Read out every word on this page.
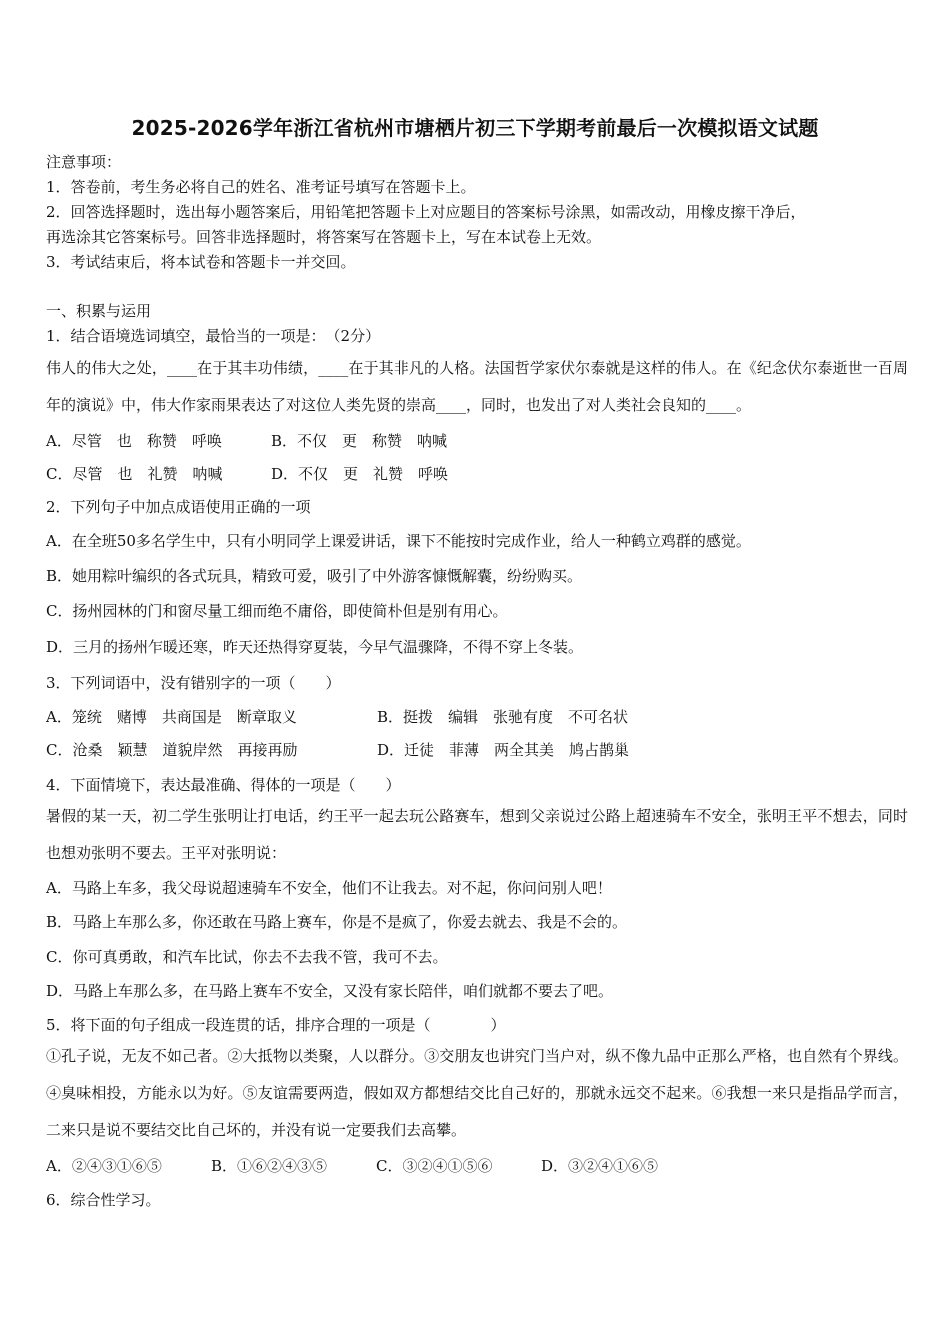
2025-2026学年浙江省杭州市塘栖片初三下学期考前最后一次模拟语文试题

注意事项：

1．答卷前，考生务必将自己的姓名、准考证号填写在答题卡上。

2．回答选择题时，选出每小题答案后，用铅笔把答题卡上对应题目的答案标号涂黑，如需改动，用橡皮擦干净后，

再选涂其它答案标号。回答非选择题时，将答案写在答题卡上，写在本试卷上无效。

3．考试结束后，将本试卷和答题卡一并交回。

一、积累与运用
1．结合语境选词填空，最恰当的一项是：　（2分）
伟人的伟大之处，____在于其丰功伟绩，____在于其非凡的人格。法国哲学家伏尔泰就是这样的伟人。在《纪念伏尔泰逝世一百周年的演说》中，伟大作家雨果表达了对这位人类先贤的崇高____，同时，也发出了对人类社会良知的____。
A．尽管　也　称赞　呼唤	B．不仅　更　称赞　呐喊
C．尽管　也　礼赞　呐喊	D．不仅　更　礼赞　呼唤
2．下列句子中加点成语使用正确的一项
A．在全班50多名学生中，只有小明同学上课爱讲话，课下不能按时完成作业，给人一种鹤立鸡群的感觉。
B．她用粽叶编织的各式玩具，精致可爱，吸引了中外游客慷慨解囊，纷纷购买。
C．扬州园林的门和窗尽量工细而绝不庸俗，即使简朴但是别有用心。
D．三月的扬州乍暖还寒，昨天还热得穿夏装，今早气温骤降，不得不穿上冬装。
3．下列词语中，没有错别字的一项（　　）
A．笼统　赌博　共商国是　断章取义	B．挺拨　编辑　张驰有度　不可名状
C．沧桑　颖慧　道貌岸然　再接再励	D．迁徒　菲薄　两全其美　鸠占鹊巢
4．下面情境下，表达最准确、得体的一项是（　　）
暑假的某一天，初二学生张明让打电话，约王平一起去玩公路赛车，想到父亲说过公路上超速骑车不安全，张明王平不想去，同时也想劝张明不要去。王平对张明说：
A．马路上车多，我父母说超速骑车不安全，他们不让我去。对不起，你问问别人吧！
B．马路上车那么多，你还敢在马路上赛车，你是不是疯了，你爱去就去、我是不会的。
C．你可真勇敢，和汽车比试，你去不去我不管，我可不去。
D．马路上车那么多，在马路上赛车不安全，又没有家长陪伴，咱们就都不要去了吧。
5．将下面的句子组成一段连贯的话，排序合理的一项是（　　　　）
①孔子说，无友不如己者。②大抵物以类聚，人以群分。③交朋友也讲究门当户对，纵不像九品中正那么严格，也自然有个界线。④臭味相投，方能永以为好。⑤友谊需要两造，假如双方都想结交比自己好的，那就永远交不起来。⑥我想一来只是指品学而言，二来只是说不要结交比自己坏的，并没有说一定要我们去高攀。
A．②④③①⑥⑤	B．①⑥②④③⑤	C．③②④①⑤⑥	D．③②④①⑥⑤
6．综合性学习。
